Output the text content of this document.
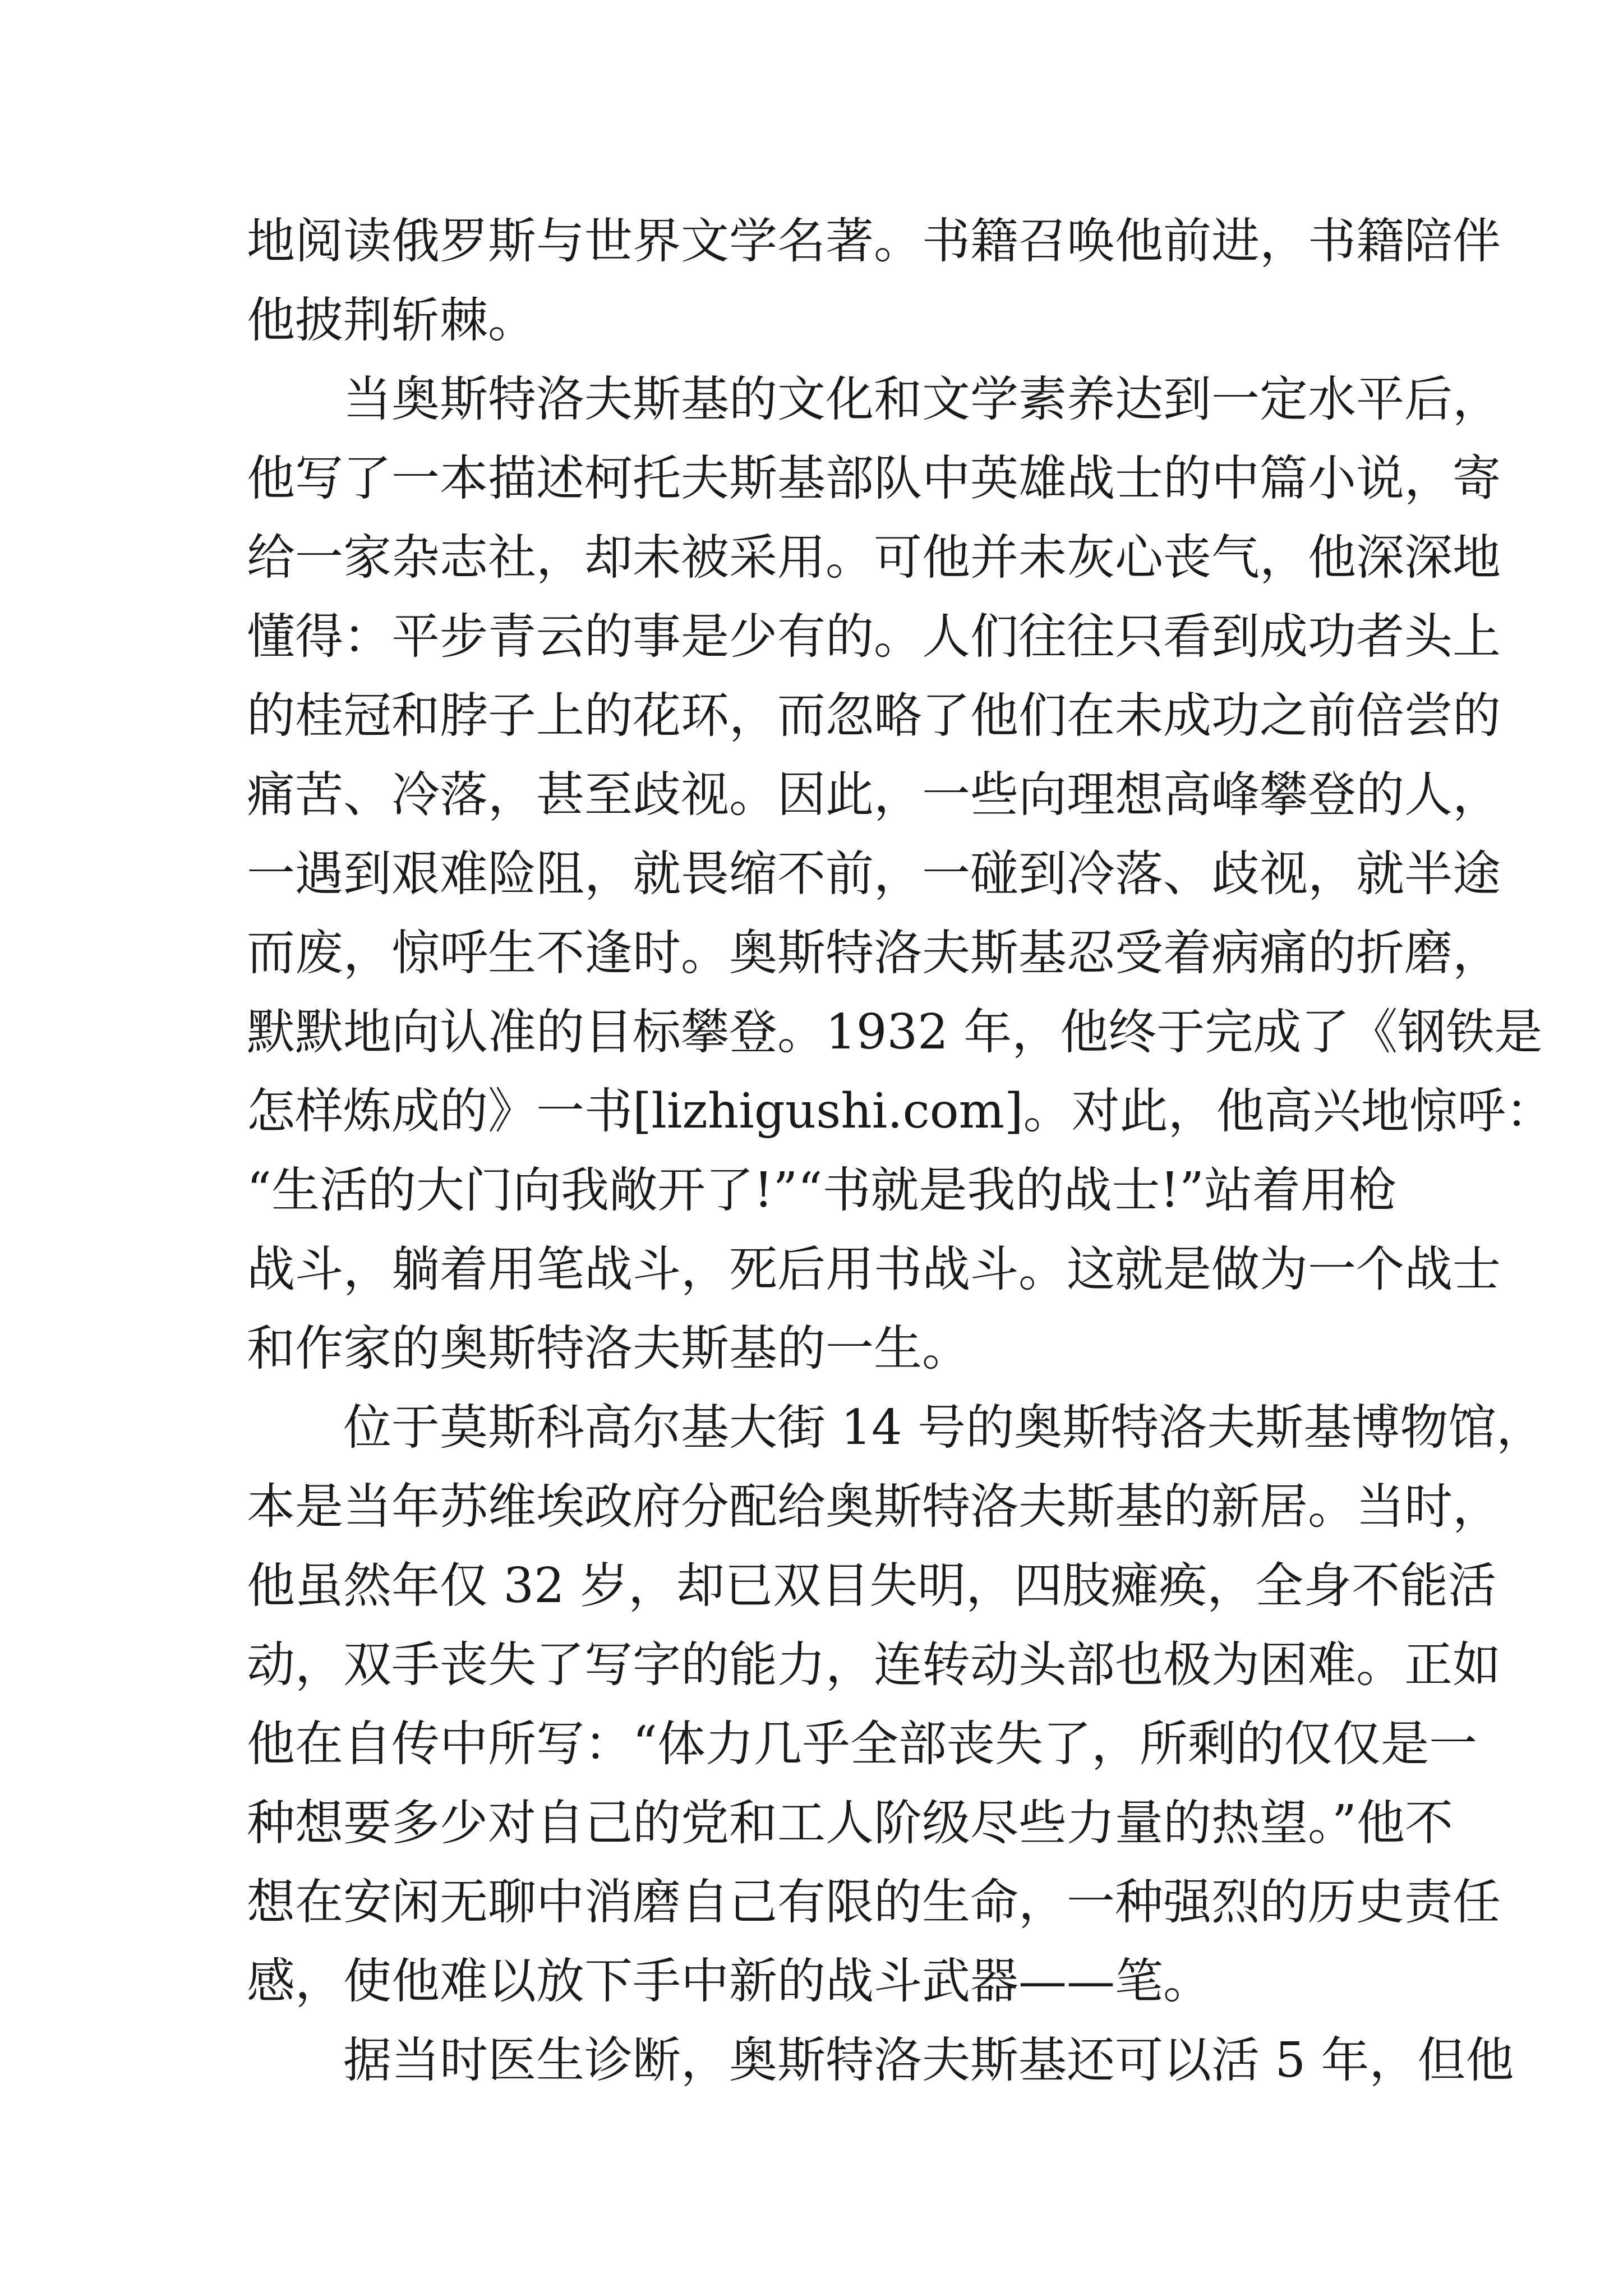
地阅读俄罗斯与世界文学名著。书籍召唤他前进，书籍陪伴
他披荆斩棘。
　　当奥斯特洛夫斯基的文化和文学素养达到一定水平后，
他写了一本描述柯托夫斯基部队中英雄战士的中篇小说，寄
给一家杂志社，却未被采用。可他并未灰心丧气，他深深地
懂得：平步青云的事是少有的。人们往往只看到成功者头上
的桂冠和脖子上的花环，而忽略了他们在未成功之前倍尝的
痛苦、冷落，甚至歧视。因此，一些向理想高峰攀登的人，
一遇到艰难险阻，就畏缩不前，一碰到冷落、歧视，就半途
而废，惊呼生不逢时。奥斯特洛夫斯基忍受着病痛的折磨，
默默地向认准的目标攀登。1932 年，他终于完成了《钢铁是
怎样炼成的》一书[lizhigushi.com]。对此，他高兴地惊呼：
“生活的大门向我敞开了!”“书就是我的战士!”站着用枪
战斗，躺着用笔战斗，死后用书战斗。这就是做为一个战士
和作家的奥斯特洛夫斯基的一生。
　　位于莫斯科高尔基大街 14 号的奥斯特洛夫斯基博物馆，
本是当年苏维埃政府分配给奥斯特洛夫斯基的新居。当时，
他虽然年仅 32 岁，却已双目失明，四肢瘫痪，全身不能活
动，双手丧失了写字的能力，连转动头部也极为困难。正如
他在自传中所写：“体力几乎全部丧失了，所剩的仅仅是一
种想要多少对自己的党和工人阶级尽些力量的热望。”他不
想在安闲无聊中消磨自己有限的生命，一种强烈的历史责任
感，使他难以放下手中新的战斗武器——笔。
　　据当时医生诊断，奥斯特洛夫斯基还可以活 5 年，但他
